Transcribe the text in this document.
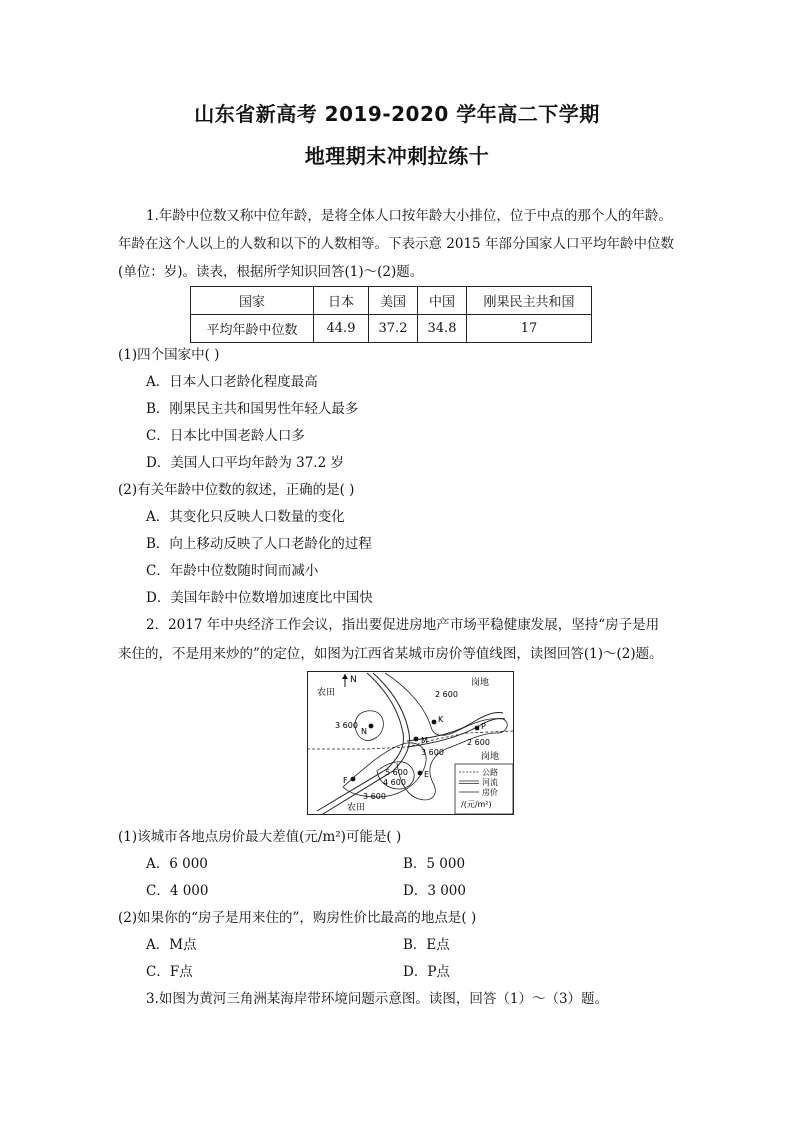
山东省新高考 2019-2020 学年高二下学期
地理期末冲刺拉练十
1.年龄中位数又称中位年龄，是将全体人口按年龄大小排位，位于中点的那个人的年龄。年龄在这个人以上的人数和以下的人数相等。下表示意 2015 年部分国家人口平均年龄中位数(单位：岁)。读表，根据所学知识回答(1)～(2)题。
国家	日本	美国	中国	刚果民主共和国
平均年龄中位数	44.9	37.2	34.8	17
(1)四个国家中( )
A．日本人口老龄化程度最高
B．刚果民主共和国男性年轻人最多
C．日本比中国老龄人口多
D．美国人口平均年龄为 37.2 岁
(2)有关年龄中位数的叙述，正确的是( )
A．其变化只反映人口数量的变化
B．向上移动反映了人口老龄化的过程
C．年龄中位数随时间而减小
D．美国年龄中位数增加速度比中国快
2．2017 年中央经济工作会议，指出要促进房地产市场平稳健康发展，坚持“房子是用
来住的，不是用来炒的”的定位，如图为江西省某城市房价等值线图，读图回答(1)～(2)题。
N
农田
岗地
岗地
农田
3 600
2 600
2 600
3 600
5 600
4 600
3 600
N
K
P
M
E
F
公路
河流
房价
/(元/m²)
(1)该城市各地点房价最大差值(元/m²)可能是( )
A．6 000	B．5 000
C．4 000	D．3 000
(2)如果你的“房子是用来住的”，购房性价比最高的地点是( )
A．M点	B．E点
C．F点	D．P点
3.如图为黄河三角洲某海岸带环境问题示意图。读图，回答（1）～（3）题。
